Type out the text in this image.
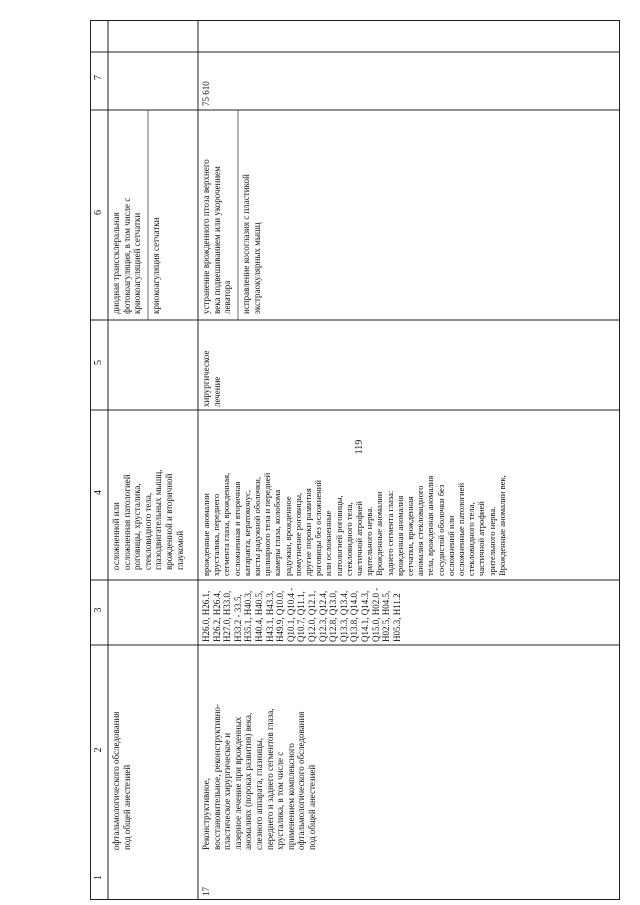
119
1
2
3
4
5
6
7
офтальмологического обследования
под общей анестезией
осложненной или
осложненная патологией
роговицы, хрусталика,
стекловидного тела,
глазодвигательных мышц,
врожденной и вторичной
глаукомой
диодная транссклеральная
фотокоагуляция, в том числе с
криокоагуляцией сетчатки криокоагуляция сетчатки
17
Реконструктивное,
восстановительное, реконструктивно-
пластическое хирургическое и
лазерное лечение при врожденных
аномалиях (пороках развития) века,
слезного аппарата, глазницы,
переднего и заднего сегментов глаза,
хрусталика, в том числе с
применением комплексного
офтальмологического обследования
под общей анестезией
H26.0, H26.1,
H26.2, H26.4,
H27.0, H33.0,
H33.2 - 33.5,
H35.1, H40.3,
H40.4, H40.5,
H43.1, H43.3,
H49.9, Q10.0,
Q10.1, Q10.4 -
Q10.7, Q11.1,
Q12.0, Q12.1,
Q12.3, Q12.4,
Q12.8, Q13.0,
Q13.3, Q13.4,
Q13.8, Q14.0,
Q14.1, Q14.3,
Q15.0, H02.0 -
H02.5, H04.5,
H05.3, H11.2
врожденные аномалии
хрусталика, переднего
сегмента глаза, врожденная,
осложненная и вторичная
катаракта, кератоконус,
кисты радужной оболочки,
цилиарного тела и передней
камеры глаза, колобома
радужки, врожденное
помутнение роговицы,
другие пороки развития
роговицы без осложнений
или осложненные
патологией роговицы,
стекловидного тела,
частичной атрофией
зрительного нерва.
Врожденные аномалии
заднего сегмента глаза:
врожденная аномалия
сетчатки, врожденная
аномалия стекловидного
тела, врожденная аномалия
сосудистой оболочки без
осложнений или
осложненные патологией
стекловидного тела,
частичной атрофией
зрительного нерва.
Врожденные аномалии век,
хирургическое
лечение
устранение врожденного птоза верхнего
века подвешиванием или укорочением
леватора исправление косоглазия с пластикой
экстраокулярных мышц
75 610
